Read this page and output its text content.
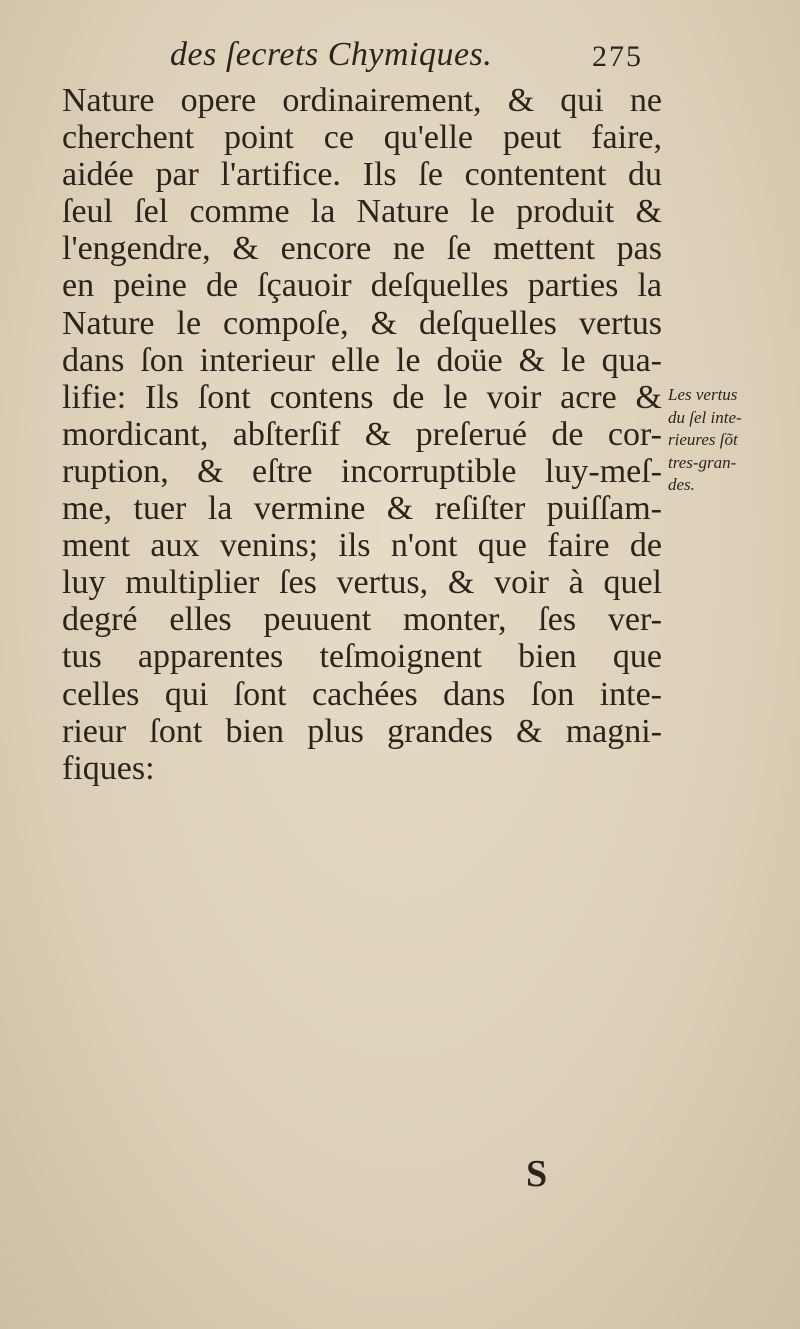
des ſecrets Chymiques.	275
Nature opere ordinairement, & qui ne
cherchent point ce qu'elle peut faire,
aidée par l'artifice. Ils ſe contentent du
ſeul ſel comme la Nature le produit &
l'engendre, & encore ne ſe mettent pas
en peine de ſçauoir deſquelles parties la
Nature le compoſe, & deſquelles vertus
dans ſon interieur elle le doüe & le qua-
lifie: Ils ſont contens de le voir acre &
mordicant, abſterſif & preſerué de cor-
ruption, & eſtre incorruptible luy-meſ-
me, tuer la vermine & reſiſter puiſſam-
ment aux venins; ils n'ont que faire de
luy multiplier ſes vertus, & voir à quel
degré elles peuuent monter, ſes ver-
tus apparentes teſmoignent bien que
celles qui ſont cachées dans ſon inte-
rieur ſont bien plus grandes & magni-
fiques:
Les vertus
du ſel inte-
rieures ſõt
tres-gran-
des.
S
